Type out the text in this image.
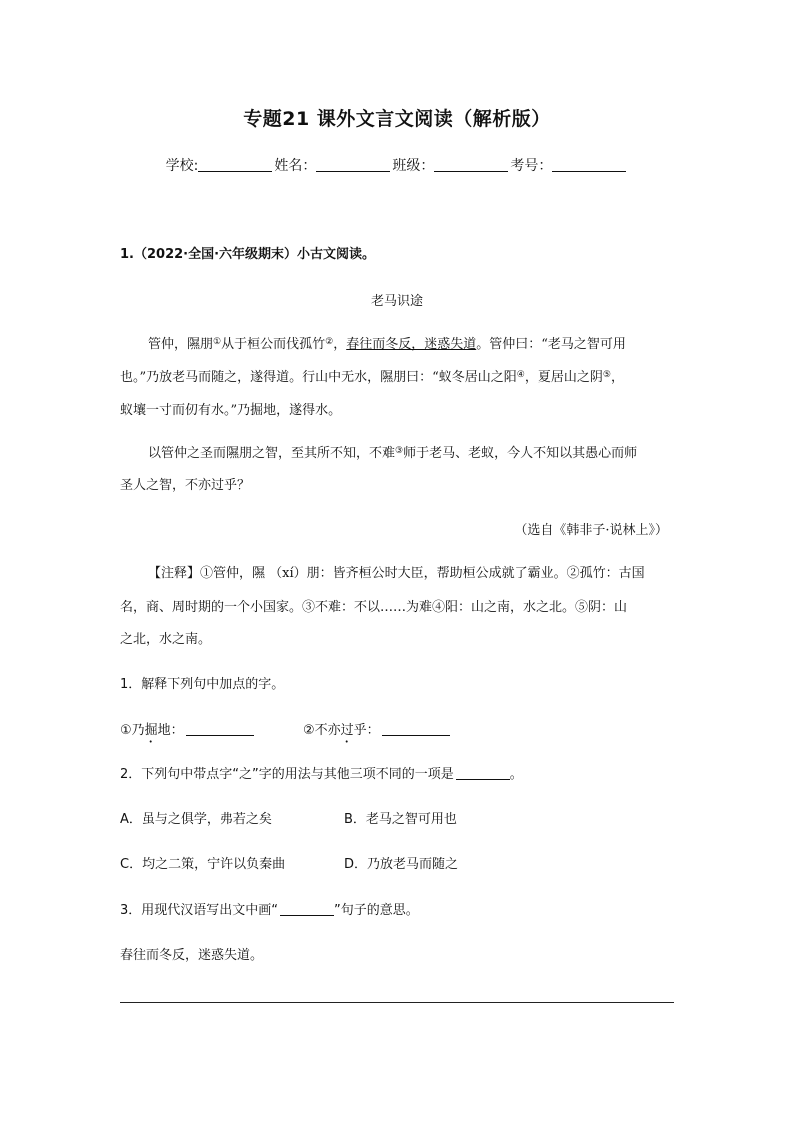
专题21 课外文言文阅读（解析版）
学校:	姓名：	班级：	考号：
1.（2022·全国·六年级期末）小古文阅读。
老马识途
管仲，隰朋①从于桓公而伐孤竹②，春往而冬反，迷惑失道。管仲曰：“老马之智可用
也。”乃放老马而随之，遂得道。行山中无水，隰朋曰：“蚁冬居山之阳④，夏居山之阴⑤，
蚁壤一寸而仞有水。”乃掘地，遂得水。
以管仲之圣而隰朋之智，至其所不知，不难③师于老马、老蚁，今人不知以其愚心而师
圣人之智，不亦过乎？
（选自《韩非子·说林上》）
【注释】①管仲，隰 （xí）朋：皆齐桓公时大臣，帮助桓公成就了霸业。②孤竹：古国
名，商、周时期的一个小国家。③不难：不以……为难④阳：山之南，水之北。⑤阴：山
之北，水之南。
1．解释下列句中加点的字。
①乃掘地：	②不亦过乎：
2．下列句中带点字“之”字的用法与其他三项不同的一项是	。
A．虽与之俱学，弗若之矣	B．老马之智可用也
C．均之二策，宁许以负秦曲	D．乃放老马而随之
3．用现代汉语写出文中画“	”句子的意思。
春往而冬反，迷惑失道。
